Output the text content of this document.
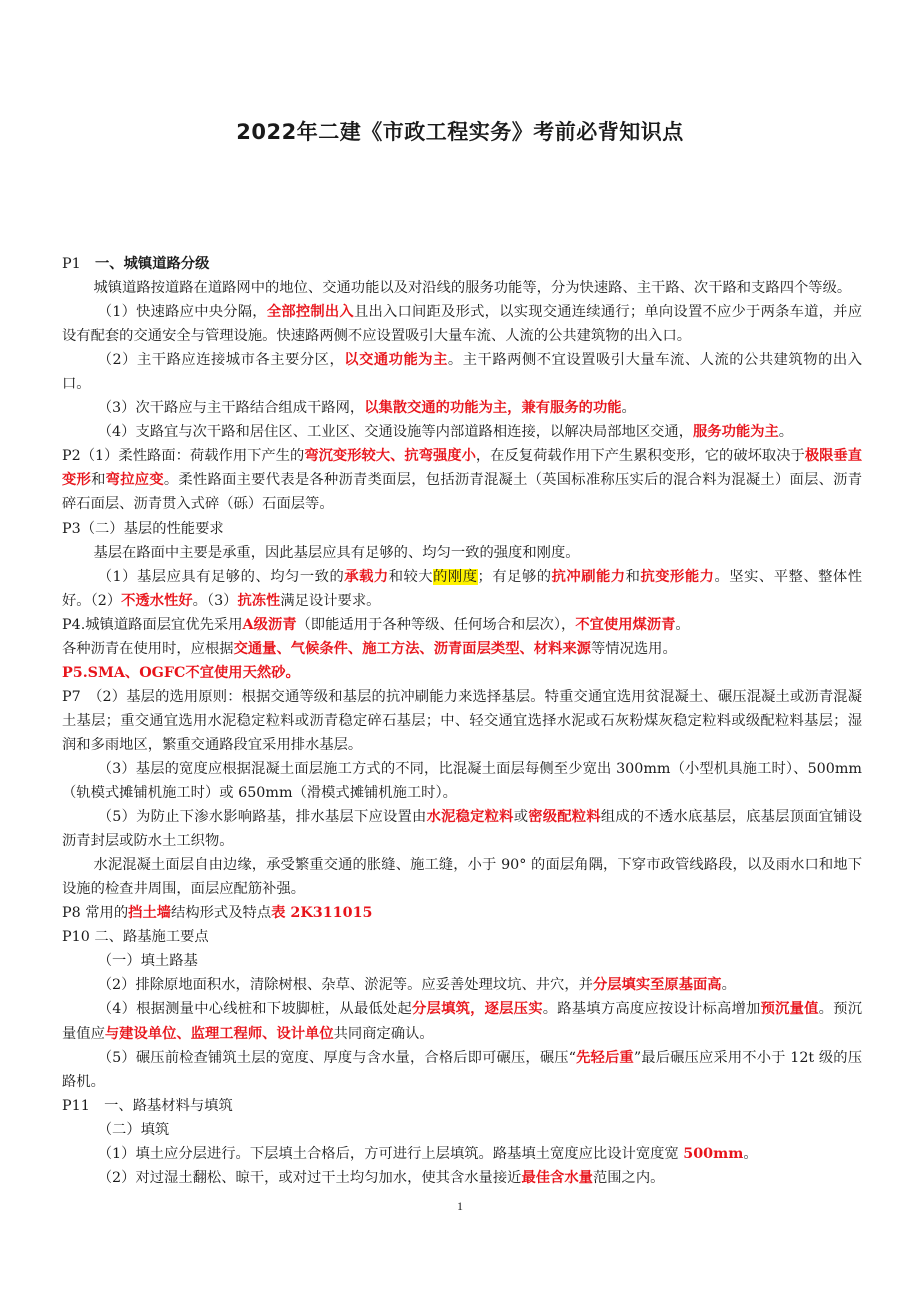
2022年二建《市政工程实务》考前必背知识点

P1　一、城镇道路分级

城镇道路按道路在道路网中的地位、交通功能以及对沿线的服务功能等，分为快速路、主干路、次干路和支路四个等级。

（1）快速路应中央分隔，全部控制出入且出入口间距及形式，以实现交通连续通行；单向设置不应少于两条车道，并应设有配套的交通安全与管理设施。快速路两侧不应设置吸引大量车流、人流的公共建筑物的出入口。

（2）主干路应连接城市各主要分区，以交通功能为主。主干路两侧不宜设置吸引大量车流、人流的公共建筑物的出入口。

（3）次干路应与主干路结合组成干路网，以集散交通的功能为主，兼有服务的功能。

（4）支路宜与次干路和居住区、工业区、交通设施等内部道路相连接，以解决局部地区交通，服务功能为主。

P2（1）柔性路面：荷载作用下产生的弯沉变形较大、抗弯强度小，在反复荷载作用下产生累积变形，它的破坏取决于极限垂直变形和弯拉应变。柔性路面主要代表是各种沥青类面层，包括沥青混凝土（英国标准称压实后的混合料为混凝土）面层、沥青碎石面层、沥青贯入式碎（砾）石面层等。

P3（二）基层的性能要求

基层在路面中主要是承重，因此基层应具有足够的、均匀一致的强度和刚度。

（1）基层应具有足够的、均匀一致的承载力和较大的刚度；有足够的抗冲刷能力和抗变形能力。坚实、平整、整体性好。（2）不透水性好。（3）抗冻性满足设计要求。

P4.城镇道路面层宜优先采用A级沥青（即能适用于各种等级、任何场合和层次），不宜使用煤沥青。

各种沥青在使用时，应根据交通量、气候条件、施工方法、沥青面层类型、材料来源等情况选用。

P5.SMA、OGFC不宜使用天然砂。

P7　（2）基层的选用原则：根据交通等级和基层的抗冲刷能力来选择基层。特重交通宜选用贫混凝土、碾压混凝土或沥青混凝土基层；重交通宜选用水泥稳定粒料或沥青稳定碎石基层；中、轻交通宜选择水泥或石灰粉煤灰稳定粒料或级配粒料基层；湿润和多雨地区，繁重交通路段宜采用排水基层。

（3）基层的宽度应根据混凝土面层施工方式的不同，比混凝土面层每侧至少宽出 300mm（小型机具施工时）、500mm（轨模式摊铺机施工时）或 650mm（滑模式摊铺机施工时）。

（5）为防止下渗水影响路基，排水基层下应设置由水泥稳定粒料或密级配粒料组成的不透水底基层，底基层顶面宜铺设沥青封层或防水土工织物。

水泥混凝土面层自由边缘，承受繁重交通的胀缝、施工缝，小于 90° 的面层角隅，下穿市政管线路段，以及雨水口和地下设施的检查井周围，面层应配筋补强。

P8 常用的挡土墙结构形式及特点表 2K311015

P10 二、路基施工要点

（一）填土路基

（2）排除原地面积水，清除树根、杂草、淤泥等。应妥善处理坟坑、井穴，并分层填实至原基面高。

（4）根据测量中心线桩和下坡脚桩，从最低处起分层填筑，逐层压实。路基填方高度应按设计标高增加预沉量值。预沉量值应与建设单位、监理工程师、设计单位共同商定确认。

（5）碾压前检查铺筑土层的宽度、厚度与含水量，合格后即可碾压，碾压“先轻后重”最后碾压应采用不小于 12t 级的压路机。

P11　一、路基材料与填筑

（二）填筑

（1）填土应分层进行。下层填土合格后，方可进行上层填筑。路基填土宽度应比设计宽度宽 500mm。

（2）对过湿土翻松、晾干，或对过干土均匀加水，使其含水量接近最佳含水量范围之内。

1
